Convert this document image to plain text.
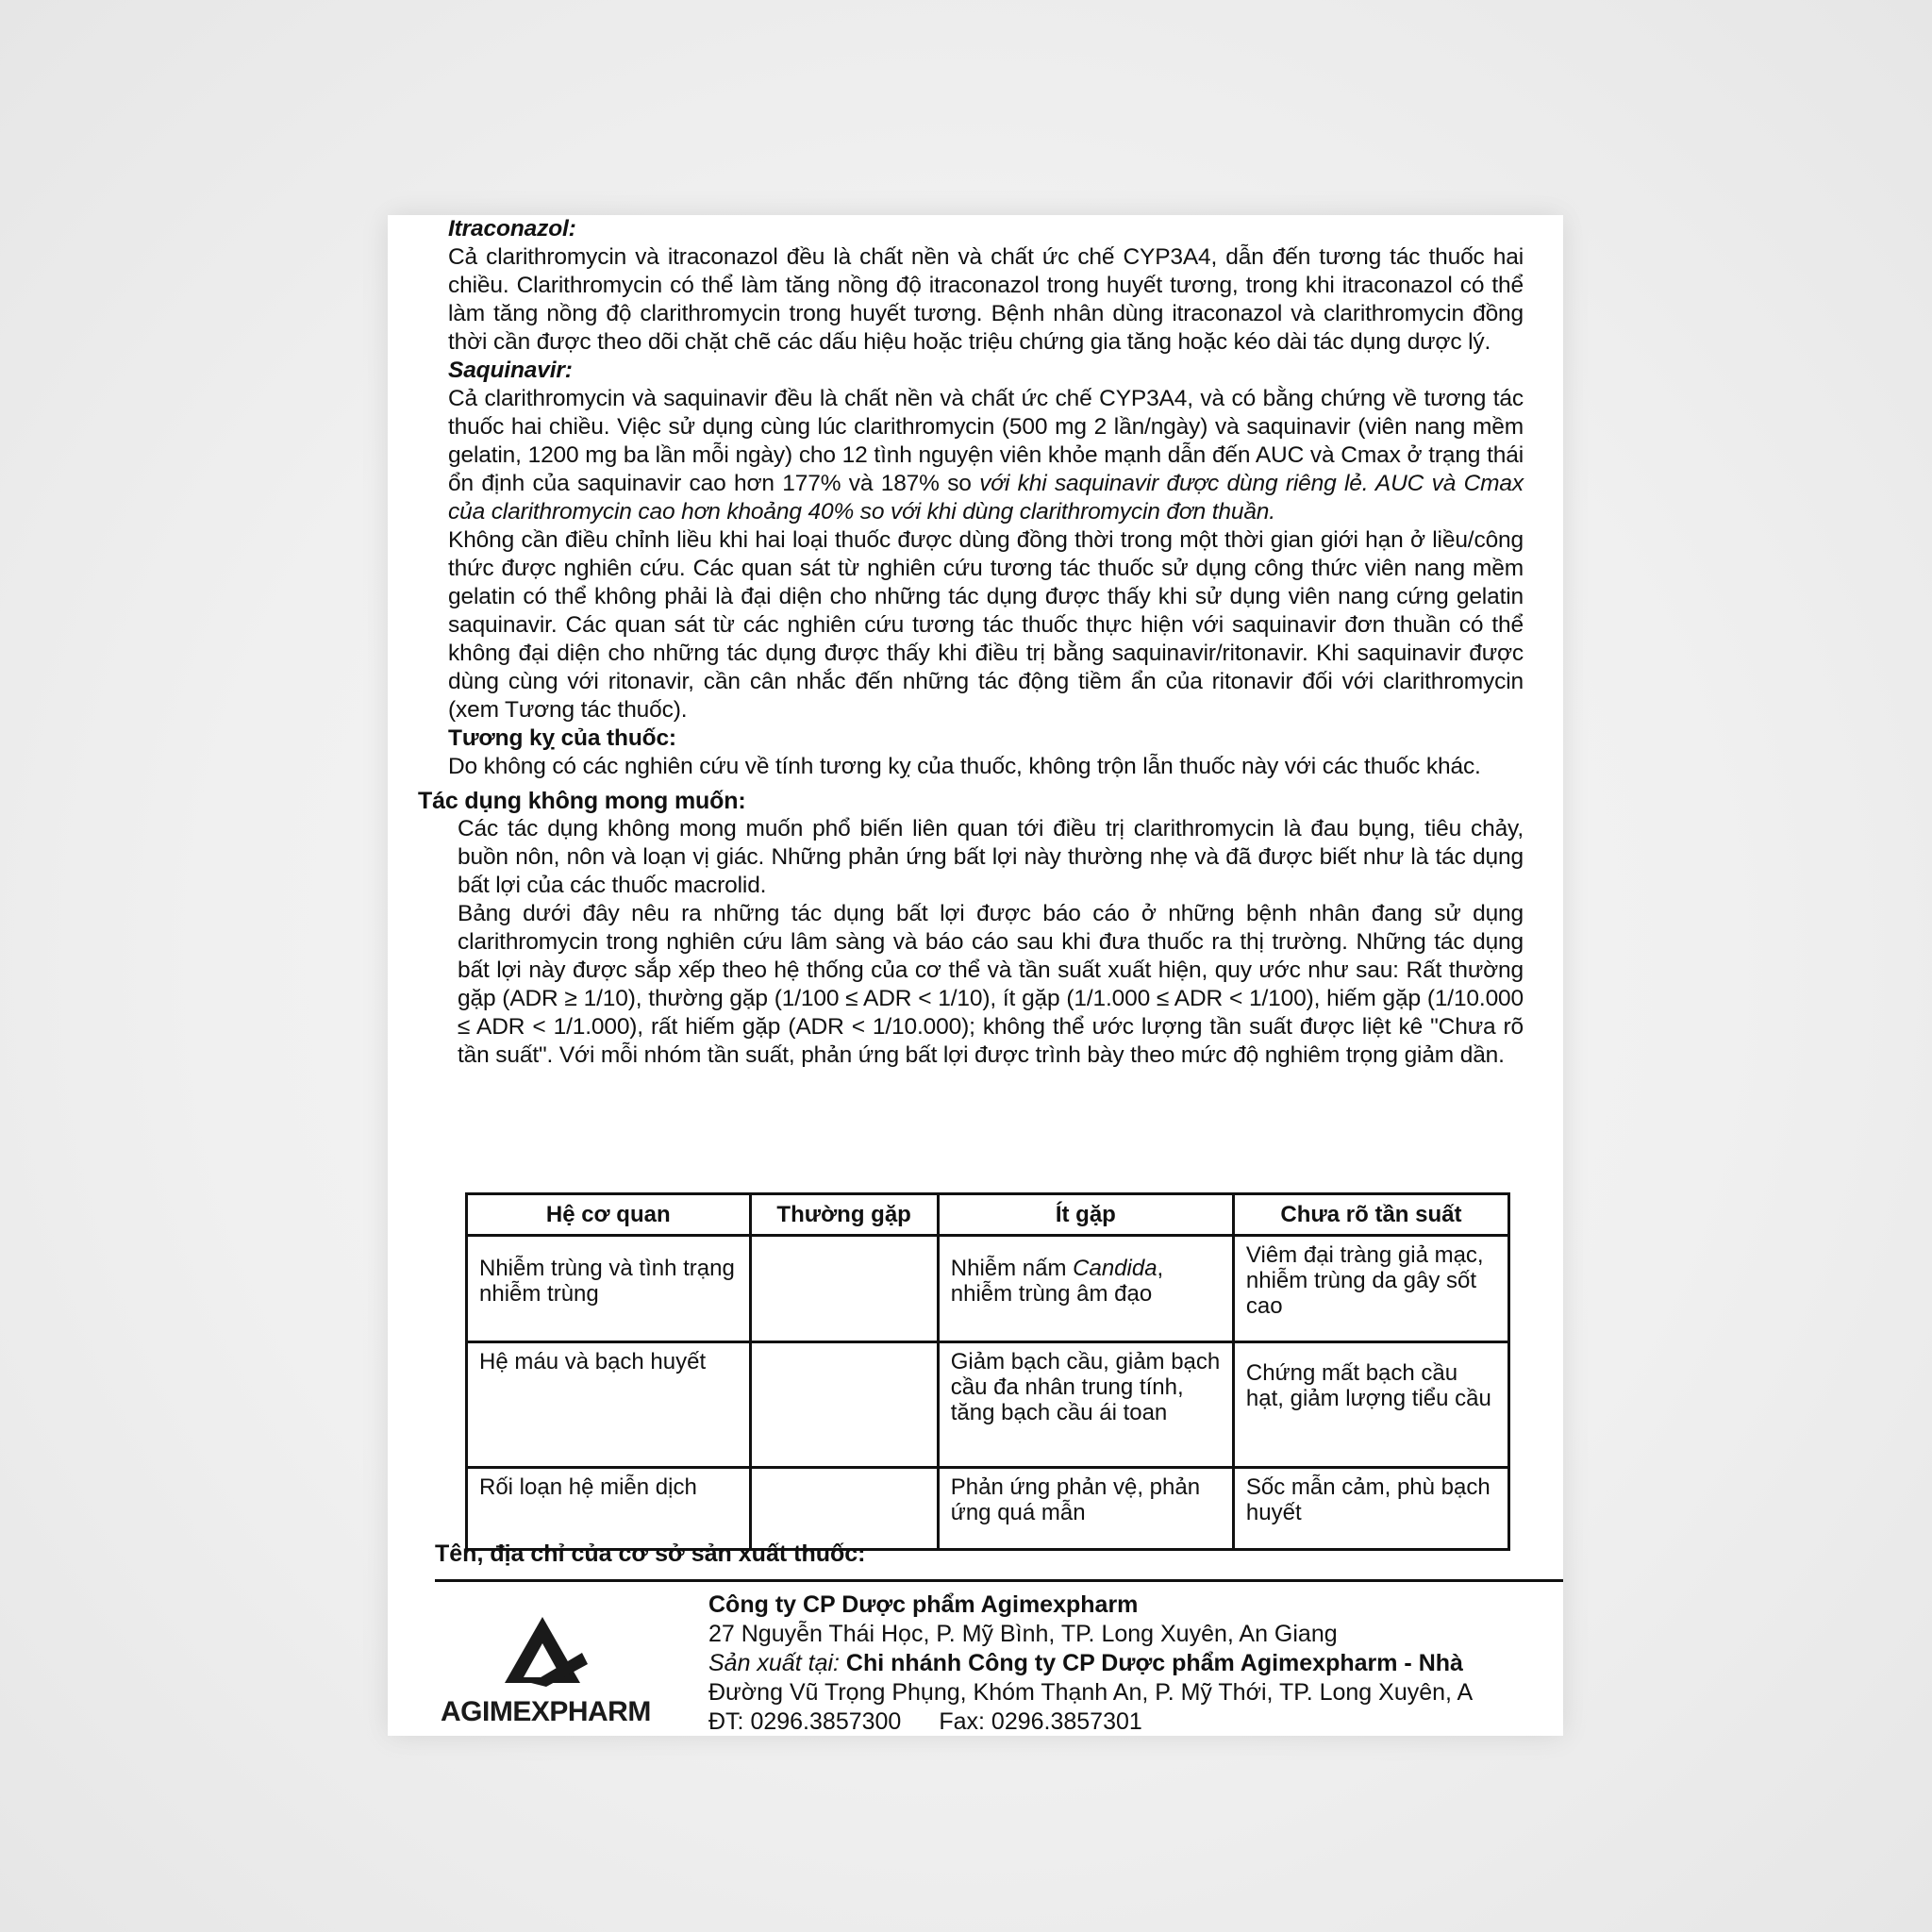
Itraconazol:

Cả clarithromycin và itraconazol đều là chất nền và chất ức chế CYP3A4, dẫn đến tương tác thuốc hai chiều. Clarithromycin có thể làm tăng nồng độ itraconazol trong huyết tương, trong khi itraconazol có thể làm tăng nồng độ clarithromycin trong huyết tương. Bệnh nhân dùng itraconazol và clarithromycin đồng thời cần được theo dõi chặt chẽ các dấu hiệu hoặc triệu chứng gia tăng hoặc kéo dài tác dụng dược lý.

Saquinavir:

Cả clarithromycin và saquinavir đều là chất nền và chất ức chế CYP3A4, và có bằng chứng về tương tác thuốc hai chiều. Việc sử dụng cùng lúc clarithromycin (500 mg 2 lần/ngày) và saquinavir (viên nang mềm gelatin, 1200 mg ba lần mỗi ngày) cho 12 tình nguyện viên khỏe mạnh dẫn đến AUC và Cmax ở trạng thái ổn định của saquinavir cao hơn 177% và 187% so với khi saquinavir được dùng riêng lẻ. AUC và Cmax của clarithromycin cao hơn khoảng 40% so với khi dùng clarithromycin đơn thuần.

Không cần điều chỉnh liều khi hai loại thuốc được dùng đồng thời trong một thời gian giới hạn ở liều/công thức được nghiên cứu. Các quan sát từ nghiên cứu tương tác thuốc sử dụng công thức viên nang mềm gelatin có thể không phải là đại diện cho những tác dụng được thấy khi sử dụng viên nang cứng gelatin saquinavir. Các quan sát từ các nghiên cứu tương tác thuốc thực hiện với saquinavir đơn thuần có thể không đại diện cho những tác dụng được thấy khi điều trị bằng saquinavir/ritonavir. Khi saquinavir được dùng cùng với ritonavir, cần cân nhắc đến những tác động tiềm ẩn của ritonavir đối với clarithromycin (xem Tương tác thuốc).

Tương kỵ của thuốc:

Do không có các nghiên cứu về tính tương kỵ của thuốc, không trộn lẫn thuốc này với các thuốc khác.

Tác dụng không mong muốn:

Các tác dụng không mong muốn phổ biến liên quan tới điều trị clarithromycin là đau bụng, tiêu chảy, buồn nôn, nôn và loạn vị giác. Những phản ứng bất lợi này thường nhẹ và đã được biết như là tác dụng bất lợi của các thuốc macrolid.

Bảng dưới đây nêu ra những tác dụng bất lợi được báo cáo ở những bệnh nhân đang sử dụng clarithromycin trong nghiên cứu lâm sàng và báo cáo sau khi đưa thuốc ra thị trường. Những tác dụng bất lợi này được sắp xếp theo hệ thống của cơ thể và tần suất xuất hiện, quy ước như sau: Rất thường gặp (ADR ≥ 1/10), thường gặp (1/100 ≤ ADR < 1/10), ít gặp (1/1.000 ≤ ADR < 1/100), hiếm gặp (1/10.000 ≤ ADR < 1/1.000), rất hiếm gặp (ADR < 1/10.000); không thể ước lượng tần suất được liệt kê "Chưa rõ tần suất". Với mỗi nhóm tần suất, phản ứng bất lợi được trình bày theo mức độ nghiêm trọng giảm dần.

Hệ cơ quan	Thường gặp	Ít gặp	Chưa rõ tần suất
Nhiễm trùng và tình trạng nhiễm trùng		Nhiễm nấm Candida, nhiễm trùng âm đạo	Viêm đại tràng giả mạc, nhiễm trùng da gây sốt cao
Hệ máu và bạch huyết		Giảm bạch cầu, giảm bạch cầu đa nhân trung tính, tăng bạch cầu ái toan	Chứng mất bạch cầu hạt, giảm lượng tiểu cầu
Rối loạn hệ miễn dịch		Phản ứng phản vệ, phản ứng quá mẫn	Sốc mẫn cảm, phù bạch huyết
Tên, địa chỉ của cơ sở sản xuất thuốc:
AGIMEXPHARM
Công ty CP Dược phẩm Agimexpharm
27 Nguyễn Thái Học, P. Mỹ Bình, TP. Long Xuyên, An Giang
Sản xuất tại: Chi nhánh Công ty CP Dược phẩm Agimexpharm - Nhà
Đường Vũ Trọng Phụng, Khóm Thạnh An, P. Mỹ Thới, TP. Long Xuyên, A
ĐT: 0296.3857300 Fax: 0296.3857301
